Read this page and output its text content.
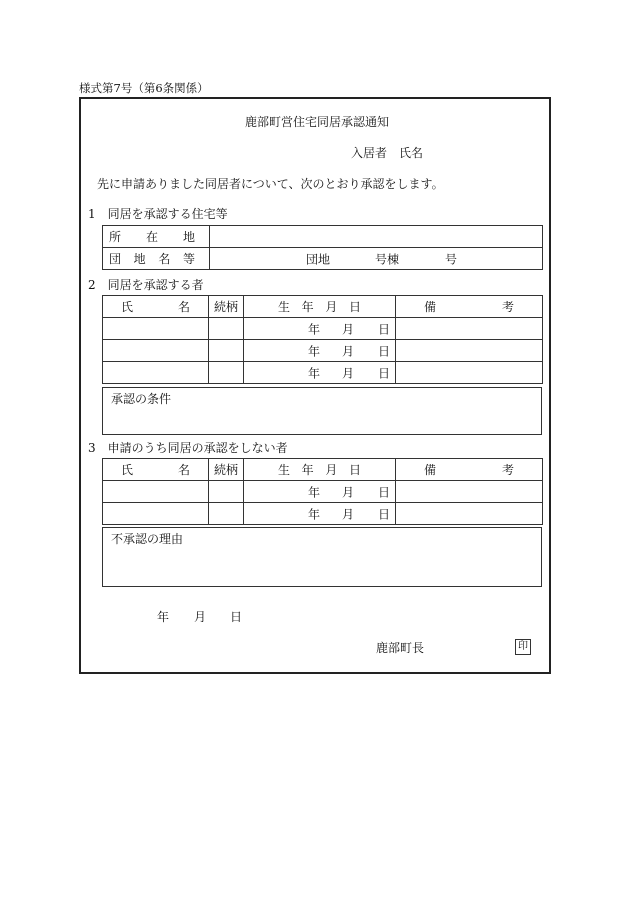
様式第7号（第6条関係）
鹿部町営住宅同居承認通知
入居者　氏名
先に申請ありました同居者について、次のとおり承認をします。
1　同居を承認する住宅等
所 在 地	

団 地 名 等	団地 号棟 号
2　同居を承認する者
氏 名	続柄	生 年 月 日	備 考

		年 月 日	

		年 月 日	

		年 月 日	

承認の条件
3　申請のうち同居の承認をしない者
氏 名	続柄	生 年 月 日	備 考

		年 月 日	

		年 月 日	

不承認の理由
年 月 日
鹿部町長	印
